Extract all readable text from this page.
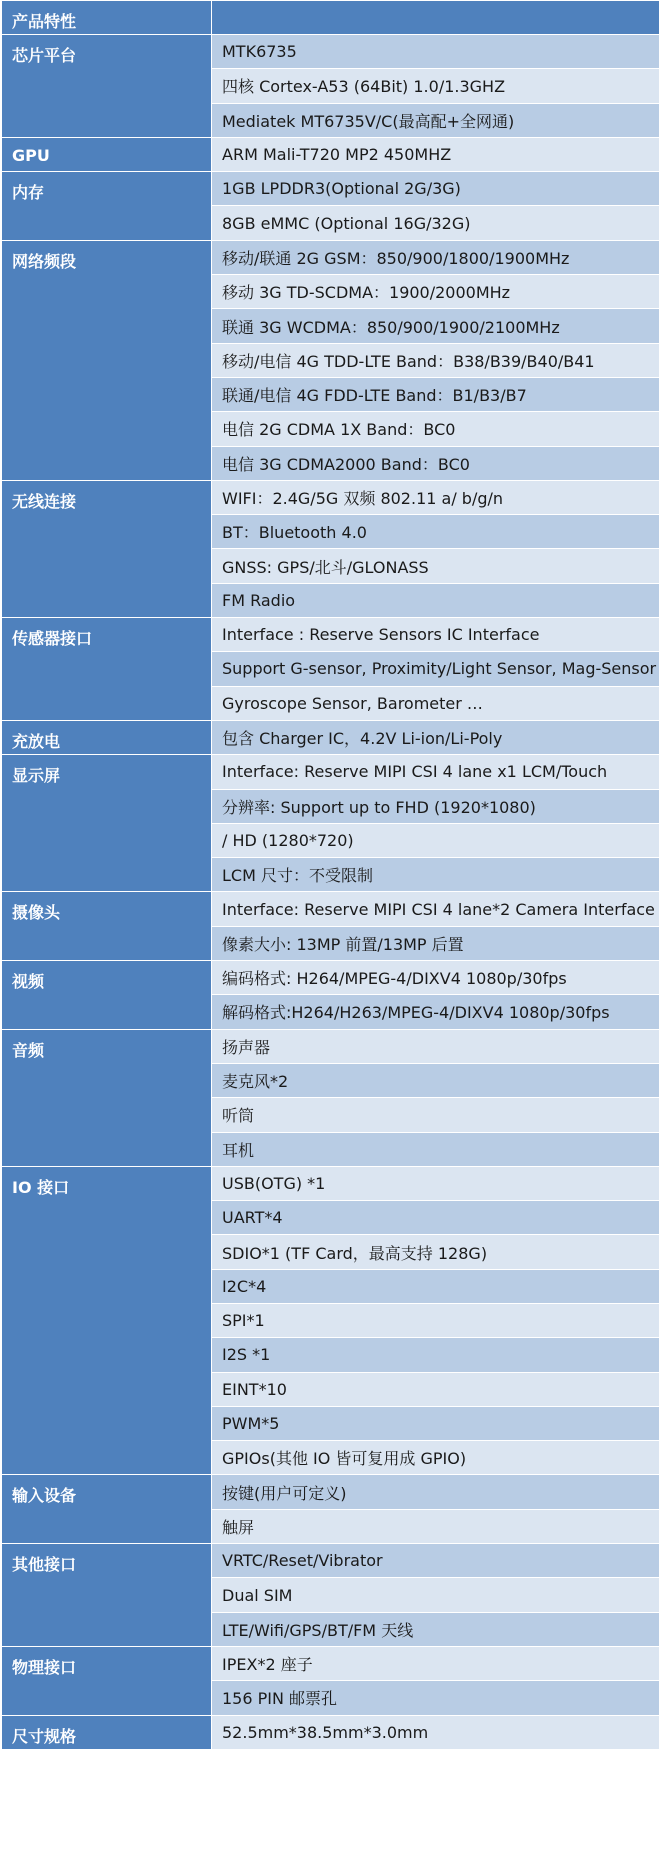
产品特性	
芯片平台	MTK6735
	四核 Cortex-A53 (64Bit) 1.0/1.3GHZ
	Mediatek MT6735V/C(最高配+全网通)
GPU	ARM Mali-T720 MP2 450MHZ
内存	1GB LPDDR3(Optional 2G/3G)
	8GB eMMC (Optional 16G/32G)
网络频段	移动/联通 2G GSM：850/900/1800/1900MHz
	移动 3G TD-SCDMA：1900/2000MHz
	联通 3G WCDMA：850/900/1900/2100MHz
	移动/电信 4G TDD-LTE Band：B38/B39/B40/B41
	联通/电信 4G FDD-LTE Band：B1/B3/B7
	电信 2G CDMA 1X Band：BC0
	电信 3G CDMA2000 Band：BC0
无线连接	WIFI：2.4G/5G 双频 802.11 a/ b/g/n
	BT：Bluetooth 4.0
	GNSS: GPS/北斗/GLONASS
	FM Radio
传感器接口	Interface : Reserve Sensors IC Interface
	Support G-sensor, Proximity/Light Sensor, Mag-Sensor
	Gyroscope Sensor, Barometer …
充放电	包含 Charger IC，4.2V Li-ion/Li-Poly
显示屏	Interface: Reserve MIPI CSI 4 lane x1 LCM/Touch
	分辨率: Support up to FHD (1920*1080)
	/ HD (1280*720)
	LCM 尺寸：不受限制
摄像头	Interface: Reserve MIPI CSI 4 lane*2 Camera Interface
	像素大小: 13MP 前置/13MP 后置
视频	编码格式: H264/MPEG-4/DIXV4 1080p/30fps
	解码格式:H264/H263/MPEG-4/DIXV4 1080p/30fps
音频	扬声器
	麦克风*2
	听筒
	耳机
IO 接口	USB(OTG) *1
	UART*4
	SDIO*1 (TF Card，最高支持 128G)
	I2C*4
	SPI*1
	I2S *1
	EINT*10
	PWM*5
	GPIOs(其他 IO 皆可复用成 GPIO)
输入设备	按键(用户可定义)
	触屏
其他接口	VRTC/Reset/Vibrator
	Dual SIM
	LTE/Wifi/GPS/BT/FM 天线
物理接口	IPEX*2 座子
	156 PIN 邮票孔
尺寸规格	52.5mm*38.5mm*3.0mm
